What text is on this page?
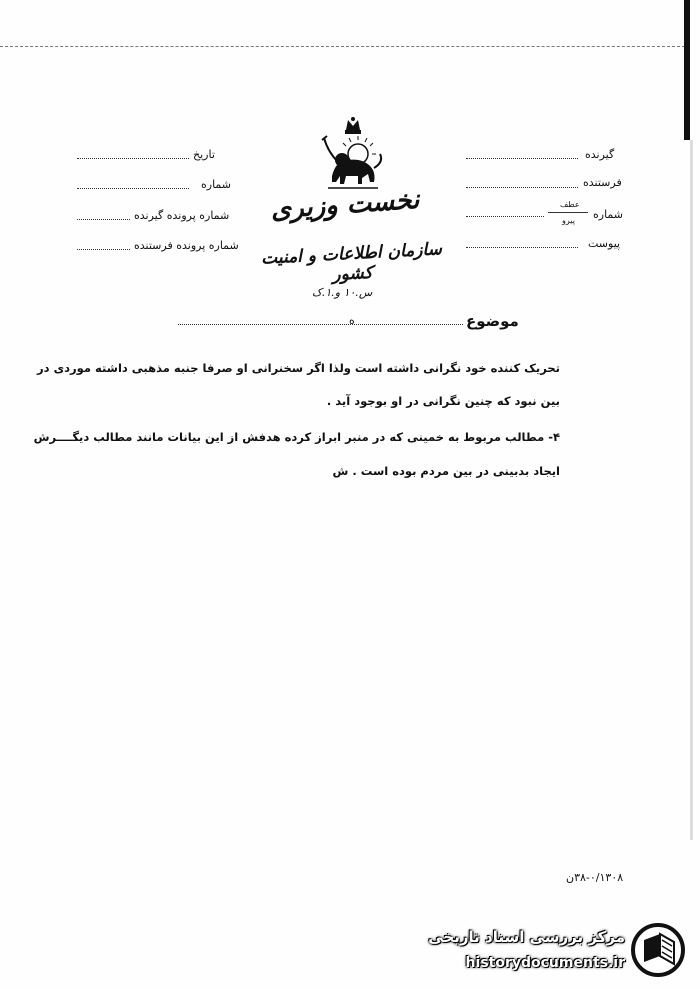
گیرنده
فرستنده
شماره
عطف
پیرو
پیوست
تاریخ
شماره
شماره پرونده گیرنده
شماره پرونده فرستنده
نخست وزیری
سازمان اطلاعات و امنیت کشور
س.۱۰ و.۱.ک
موضوع
ه
تحریک کننده خود نگرانی داشته است ولذا اگر سخنرانی او صرفا جنبه مذهبی داشته موردی در
بین نبود که چنین نگرانی در او بوجود آید .
۴- مطالب مربوط به خمینی که در منبر ابراز کرده هدفش از این بیانات مانند مطالب دیگــــرش
ایجاد بدبینی در بین مردم بوده است . ش
۳۸-۰/۱۳۰۸ن
مرکز بررسی اسناد تاریخی
historydocuments.ir
